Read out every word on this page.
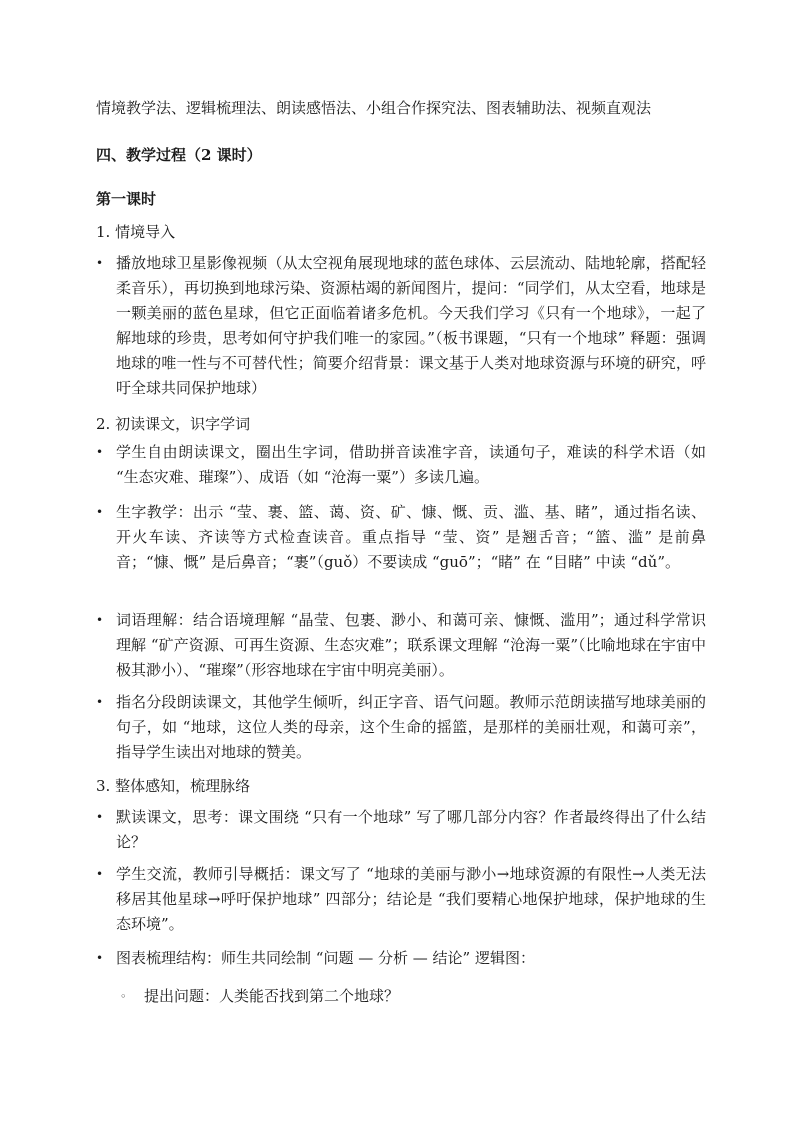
情境教学法、逻辑梳理法、朗读感悟法、小组合作探究法、图表辅助法、视频直观法
四、教学过程（2 课时）
第一课时
1. 情境导入
• 播放地球卫星影像视频（从太空视角展现地球的蓝色球体、云层流动、陆地轮廓，搭配轻柔音乐），再切换到地球污染、资源枯竭的新闻图片，提问：“同学们，从太空看，地球是一颗美丽的蓝色星球，但它正面临着诸多危机。今天我们学习《只有一个地球》，一起了解地球的珍贵，思考如何守护我们唯一的家园。”（板书课题，“只有一个地球” 释题：强调地球的唯一性与不可替代性；简要介绍背景：课文基于人类对地球资源与环境的研究，呼吁全球共同保护地球）
2. 初读课文，识字学词
• 学生自由朗读课文，圈出生字词，借助拼音读准字音，读通句子，难读的科学术语（如 “生态灾难、璀璨”）、成语（如 “沧海一粟”）多读几遍。
• 生字教学：出示 “莹、裹、篮、蔼、资、矿、慷、慨、贡、滥、基、睹”，通过指名读、开火车读、齐读等方式检查读音。重点指导 “莹、资” 是翘舌音；“篮、滥” 是前鼻音；“慷、慨” 是后鼻音；“裹”（guǒ）不要读成 “guō”；“睹” 在 “目睹” 中读 “dǔ”。
• 词语理解：结合语境理解 “晶莹、包裹、渺小、和蔼可亲、慷慨、滥用”；通过科学常识理解 “矿产资源、可再生资源、生态灾难”；联系课文理解 “沧海一粟”（比喻地球在宇宙中极其渺小）、“璀璨”（形容地球在宇宙中明亮美丽）。
• 指名分段朗读课文，其他学生倾听，纠正字音、语气问题。教师示范朗读描写地球美丽的句子，如 “地球，这位人类的母亲，这个生命的摇篮，是那样的美丽壮观，和蔼可亲”，指导学生读出对地球的赞美。
3. 整体感知，梳理脉络
• 默读课文，思考：课文围绕 “只有一个地球” 写了哪几部分内容？作者最终得出了什么结论？
• 学生交流，教师引导概括：课文写了 “地球的美丽与渺小→地球资源的有限性→人类无法移居其他星球→呼吁保护地球” 四部分；结论是 “我们要精心地保护地球，保护地球的生态环境”。
• 图表梳理结构：师生共同绘制 “问题 — 分析 — 结论” 逻辑图：
◦ 提出问题：人类能否找到第二个地球？
